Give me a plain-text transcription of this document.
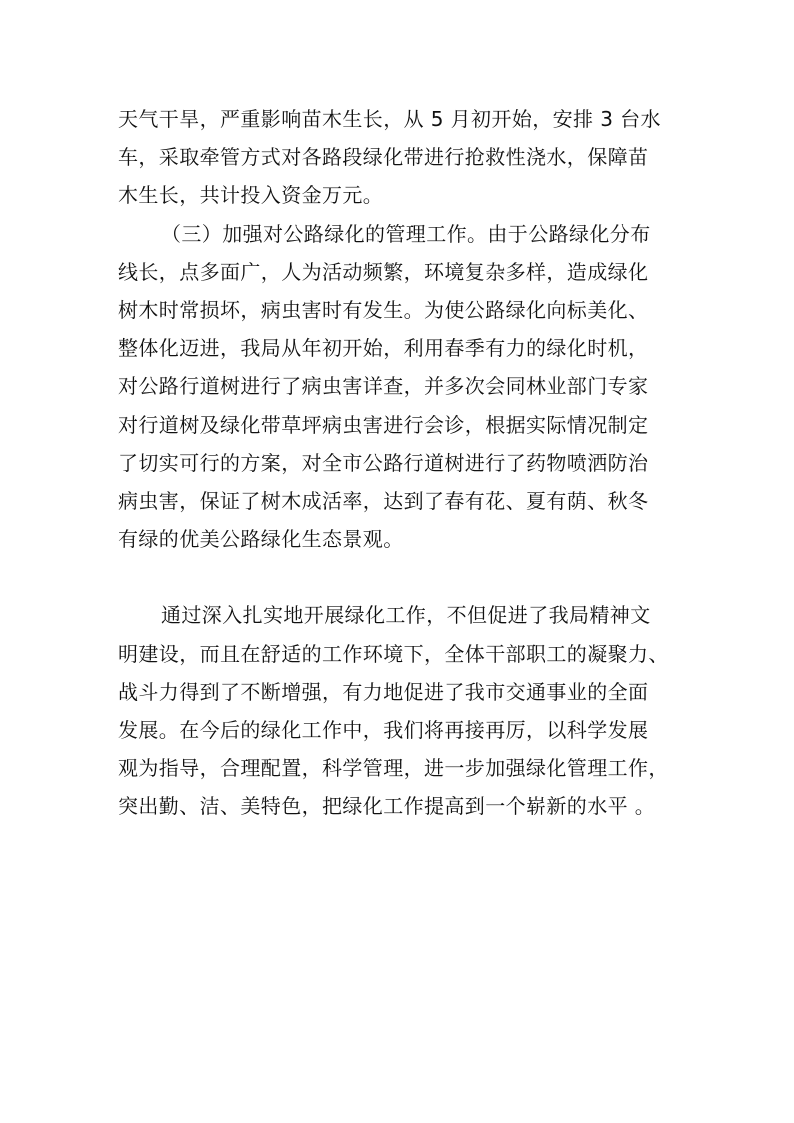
天气干旱，严重影响苗木生长，从 5 月初开始，安排 3 台水
车，采取牵管方式对各路段绿化带进行抢救性浇水，保障苗
木生长，共计投入资金万元。
（三）加强对公路绿化的管理工作。由于公路绿化分布
线长，点多面广，人为活动频繁，环境复杂多样，造成绿化
树木时常损坏，病虫害时有发生。为使公路绿化向标美化、
整体化迈进，我局从年初开始，利用春季有力的绿化时机，
对公路行道树进行了病虫害详查，并多次会同林业部门专家
对行道树及绿化带草坪病虫害进行会诊，根据实际情况制定
了切实可行的方案，对全市公路行道树进行了药物喷洒防治
病虫害，保证了树木成活率，达到了春有花、夏有荫、秋冬
有绿的优美公路绿化生态景观。
通过深入扎实地开展绿化工作，不但促进了我局精神文
明建设，而且在舒适的工作环境下，全体干部职工的凝聚力、
战斗力得到了不断增强，有力地促进了我市交通事业的全面
发展。在今后的绿化工作中，我们将再接再厉，以科学发展
观为指导，合理配置，科学管理，进一步加强绿化管理工作，
突出勤、洁、美特色，把绿化工作提高到一个崭新的水平 。
